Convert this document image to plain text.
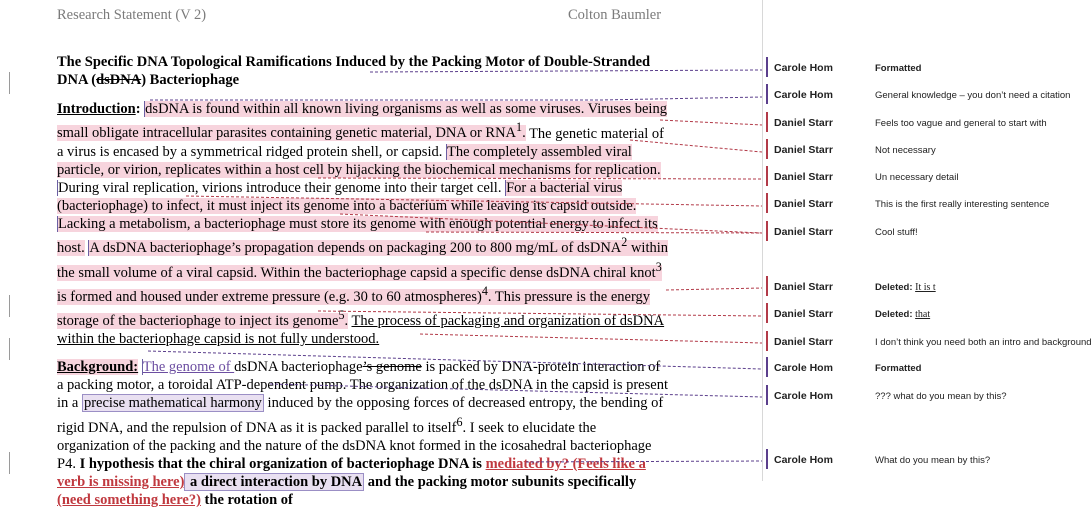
Research Statement (V 2)	Colton Baumler
The Specific DNA Topological Ramifications Induced by the Packing Motor of Double-Stranded DNA (dsDNA) Bacteriophage

Introduction: dsDNA is found within all known living organisms as well as some viruses. Viruses being small obligate intracellular parasites containing genetic material, DNA or RNA$^1$. The genetic material of a virus is encased by a symmetrical ridged protein shell, or capsid. The completely assembled viral particle, or virion, replicates within a host cell by hijacking the biochemical mechanisms for replication. During viral replication, virions introduce their genome into their target cell. For a bacterial virus (bacteriophage) to infect, it must inject its genome into a bacterium while leaving its capsid outside. Lacking a metabolism, a bacteriophage must store its genome with enough potential energy to infect its host. A dsDNA bacteriophage’s propagation depends on packaging 200 to 800 mg/mL of dsDNA$^2$ within the small volume of a viral capsid. Within the bacteriophage capsid a specific dense dsDNA chiral knot$^3$ is formed and housed under extreme pressure (e.g. 30 to 60 atmospheres)$^4$. This pressure is the energy storage of the bacteriophage to inject its genome$^5$. The process of packaging and organization of dsDNA within the bacteriophage capsid is not fully understood.

Background: The genome of dsDNA bacteriophage’s genome is packed by DNA-protein interaction of a packing motor, a toroidal ATP-dependent pump. The organization of the dsDNA in the capsid is present in a precise mathematical harmony induced by the opposing forces of decreased entropy, the bending of rigid DNA, and the repulsion of DNA as it is packed parallel to itself$^6$. I seek to elucidate the organization of the packing and the nature of the dsDNA knot formed in the icosahedral bacteriophage P4. I hypothesis that the chiral organization of bacteriophage DNA is mediated by? (Feels like a verb is missing here) a direct interaction by DNA and the packing motor subunits specifically (need something here?) the rotation of

Carole Hom	Formatted
Carole Hom	General knowledge – you don’t need a citation
Daniel Starr	Feels too vague and general to start with
Daniel Starr	Not necessary
Daniel Starr	Un necessary detail
Daniel Starr	This is the first really interesting sentence
Daniel Starr	Cool stuff!
Daniel Starr	Deleted: It is t
Daniel Starr	Deleted: that
Daniel Starr	I don’t think you need both an intro and background
Carole Hom	Formatted
Carole Hom	??? what do you mean by this?
Carole Hom	What do you mean by this?
